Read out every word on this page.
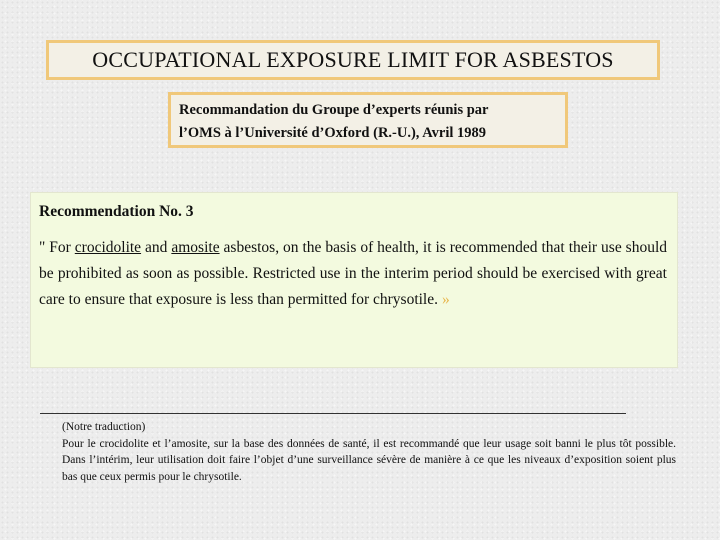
OCCUPATIONAL EXPOSURE LIMIT FOR ASBESTOS
Recommandation du Groupe d’experts réunis par
l’OMS à l’Université d’Oxford (R.-U.), Avril 1989

Recommendation No. 3

" For crocidolite and amosite asbestos, on the basis of health, it is recommended that their use should be prohibited as soon as possible. Restricted use in the interim period should be exercised with great care to ensure that exposure is less than permitted for chrysotile. »

(Notre traduction)

Pour le crocidolite et l’amosite, sur la base des données de santé, il est recommandé que leur usage soit banni le plus tôt possible. Dans l’intérim, leur utilisation doit faire l’objet d’une surveillance sévère de manière à ce que les niveaux d’exposition soient plus bas que ceux permis pour le chrysotile.
